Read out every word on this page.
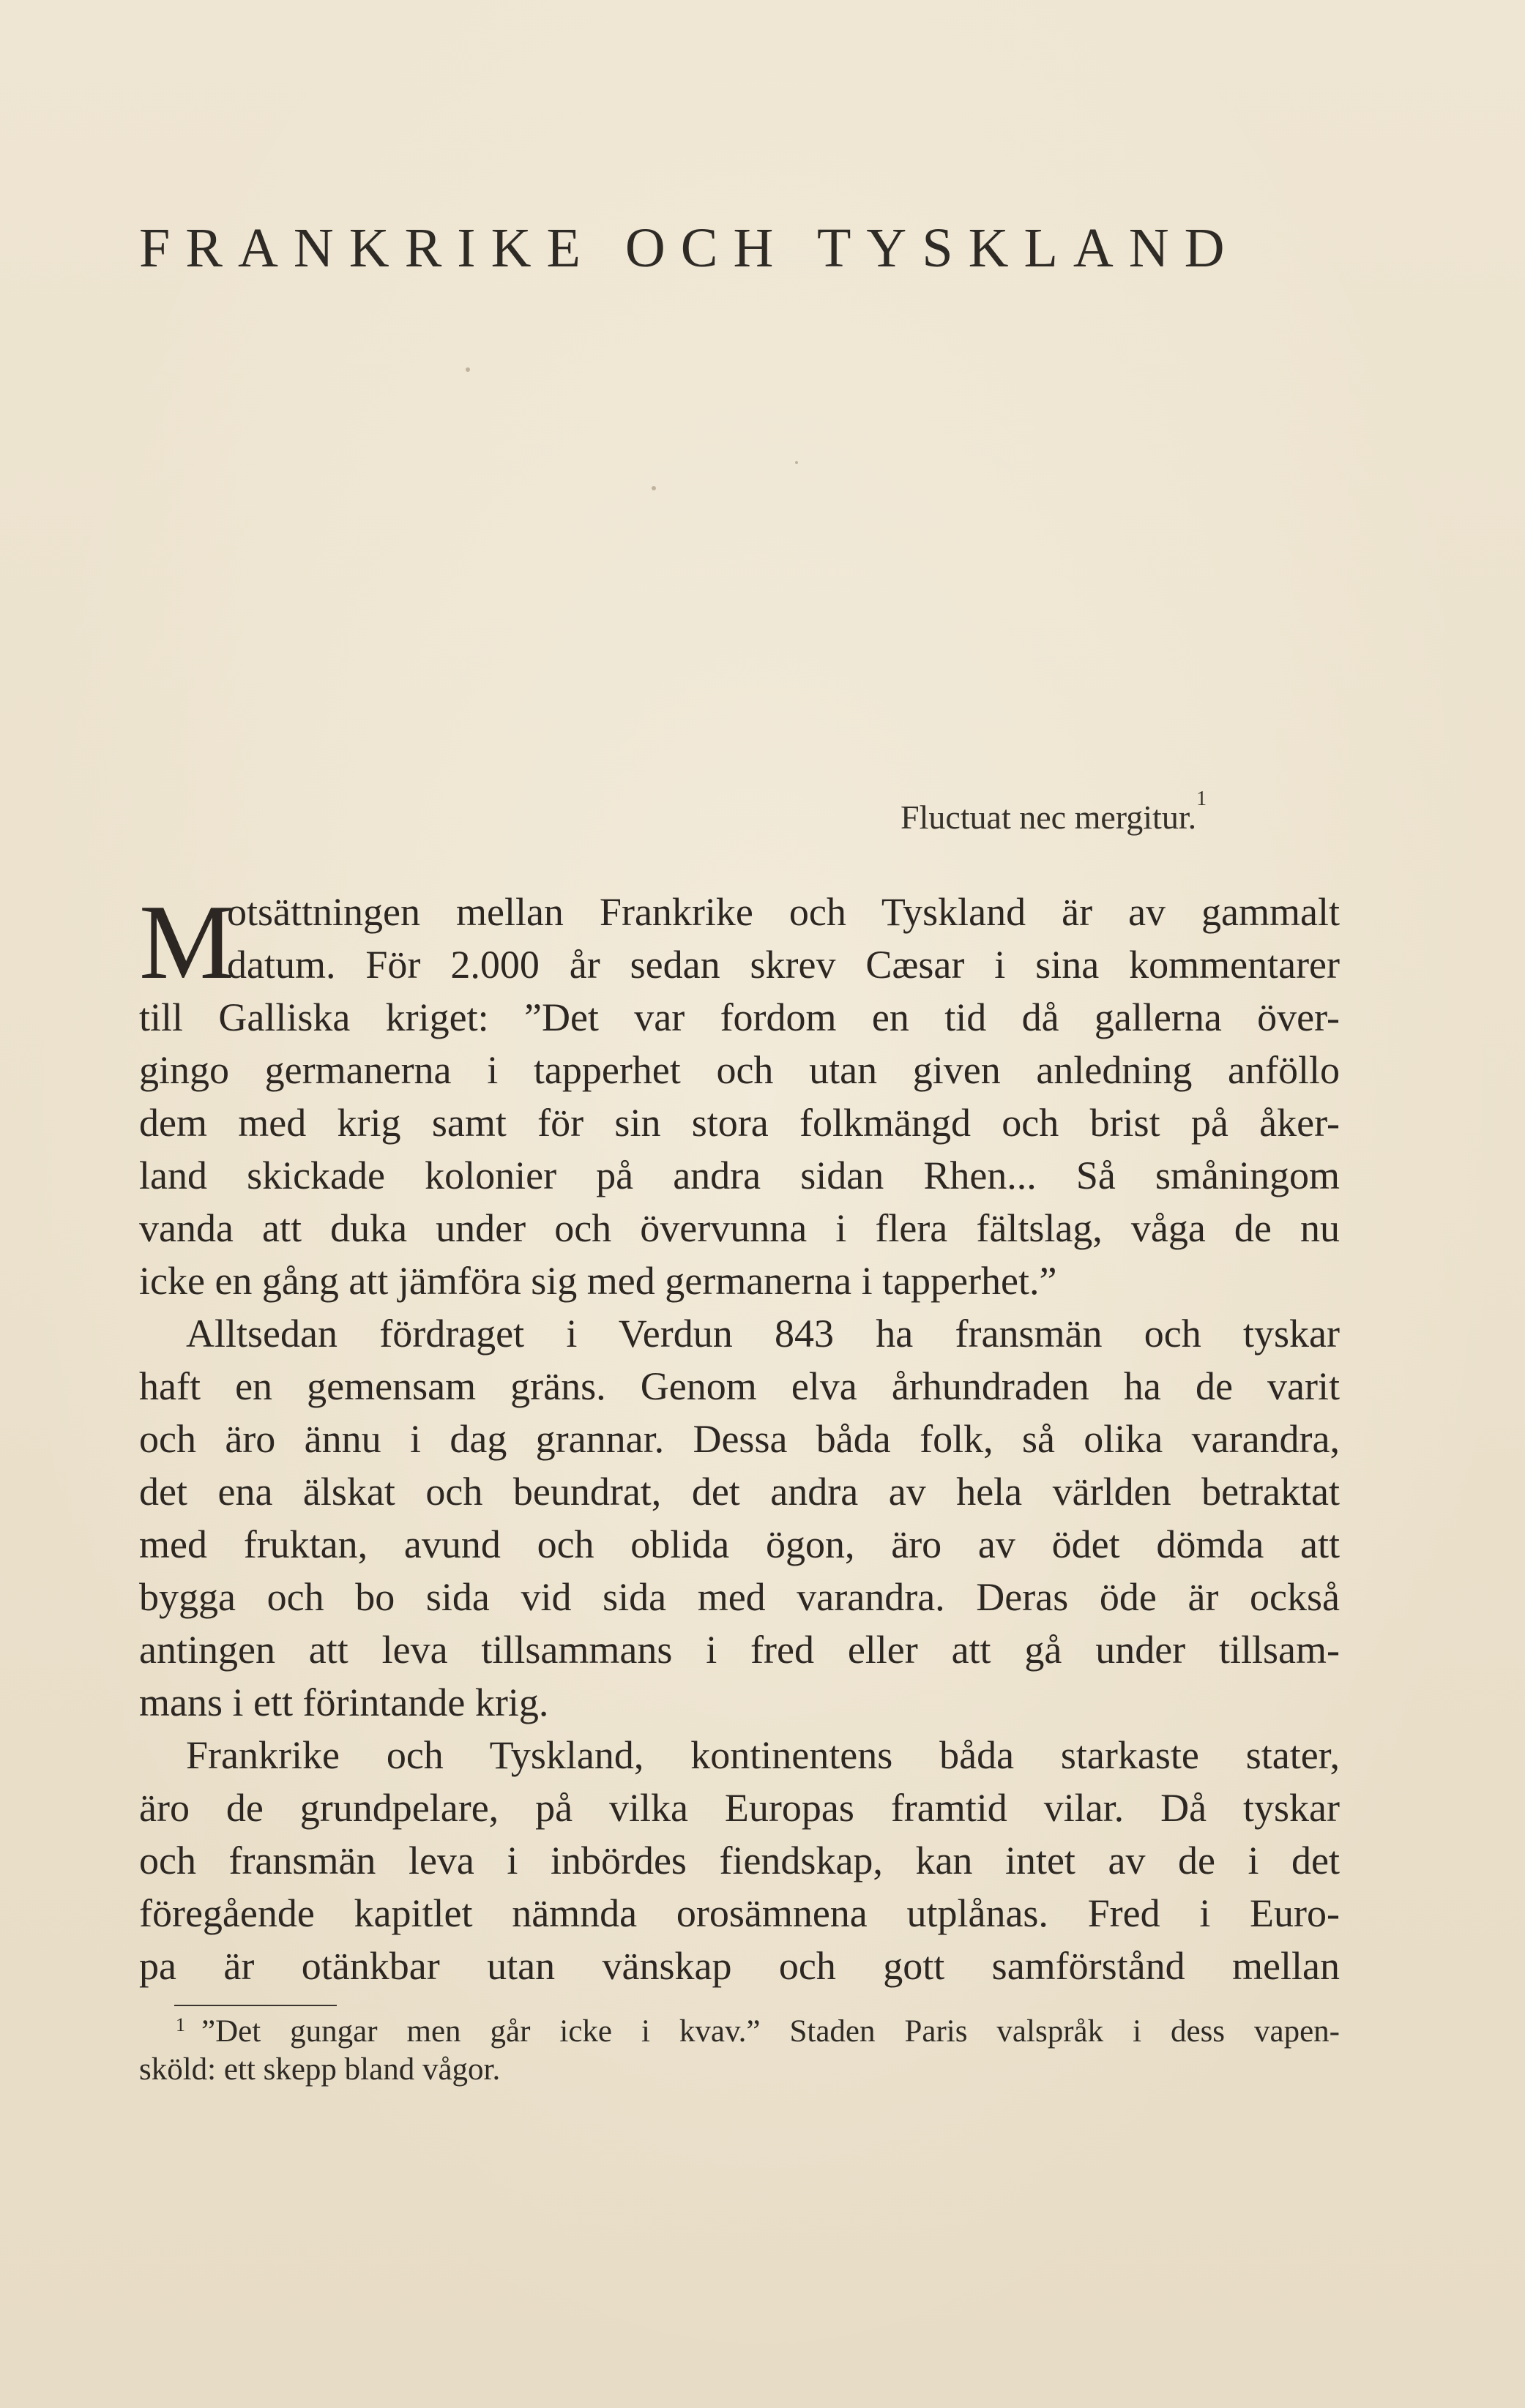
FRANKRIKE OCH TYSKLAND
Fluctuat nec mergitur.$^1$
M
otsättningen mellan Frankrike och Tyskland är av gammalt
datum. För 2.000 år sedan skrev Cæsar i sina kommentarer
till Galliska kriget: ”Det var fordom en tid då gallerna över-
gingo germanerna i tapperhet och utan given anledning anföllo
dem med krig samt för sin stora folkmängd och brist på åker-
land skickade kolonier på andra sidan Rhen... Så småningom
vanda att duka under och övervunna i flera fältslag, våga de nu
icke en gång att jämföra sig med germanerna i tapperhet.”
Alltsedan fördraget i Verdun 843 ha fransmän och tyskar
haft en gemensam gräns. Genom elva århundraden ha de varit
och äro ännu i dag grannar. Dessa båda folk, så olika varandra,
det ena älskat och beundrat, det andra av hela världen betraktat
med fruktan, avund och oblida ögon, äro av ödet dömda att
bygga och bo sida vid sida med varandra. Deras öde är också
antingen att leva tillsammans i fred eller att gå under tillsam-
mans i ett förintande krig.
Frankrike och Tyskland, kontinentens båda starkaste stater,
äro de grundpelare, på vilka Europas framtid vilar. Då tyskar
och fransmän leva i inbördes fiendskap, kan intet av de i det
föregående kapitlet nämnda orosämnena utplånas. Fred i Euro-
pa är otänkbar utan vänskap och gott samförstånd mellan
$^1$ ”Det gungar men går icke i kvav.” Staden Paris valspråk i dess vapen-
sköld: ett skepp bland vågor.
